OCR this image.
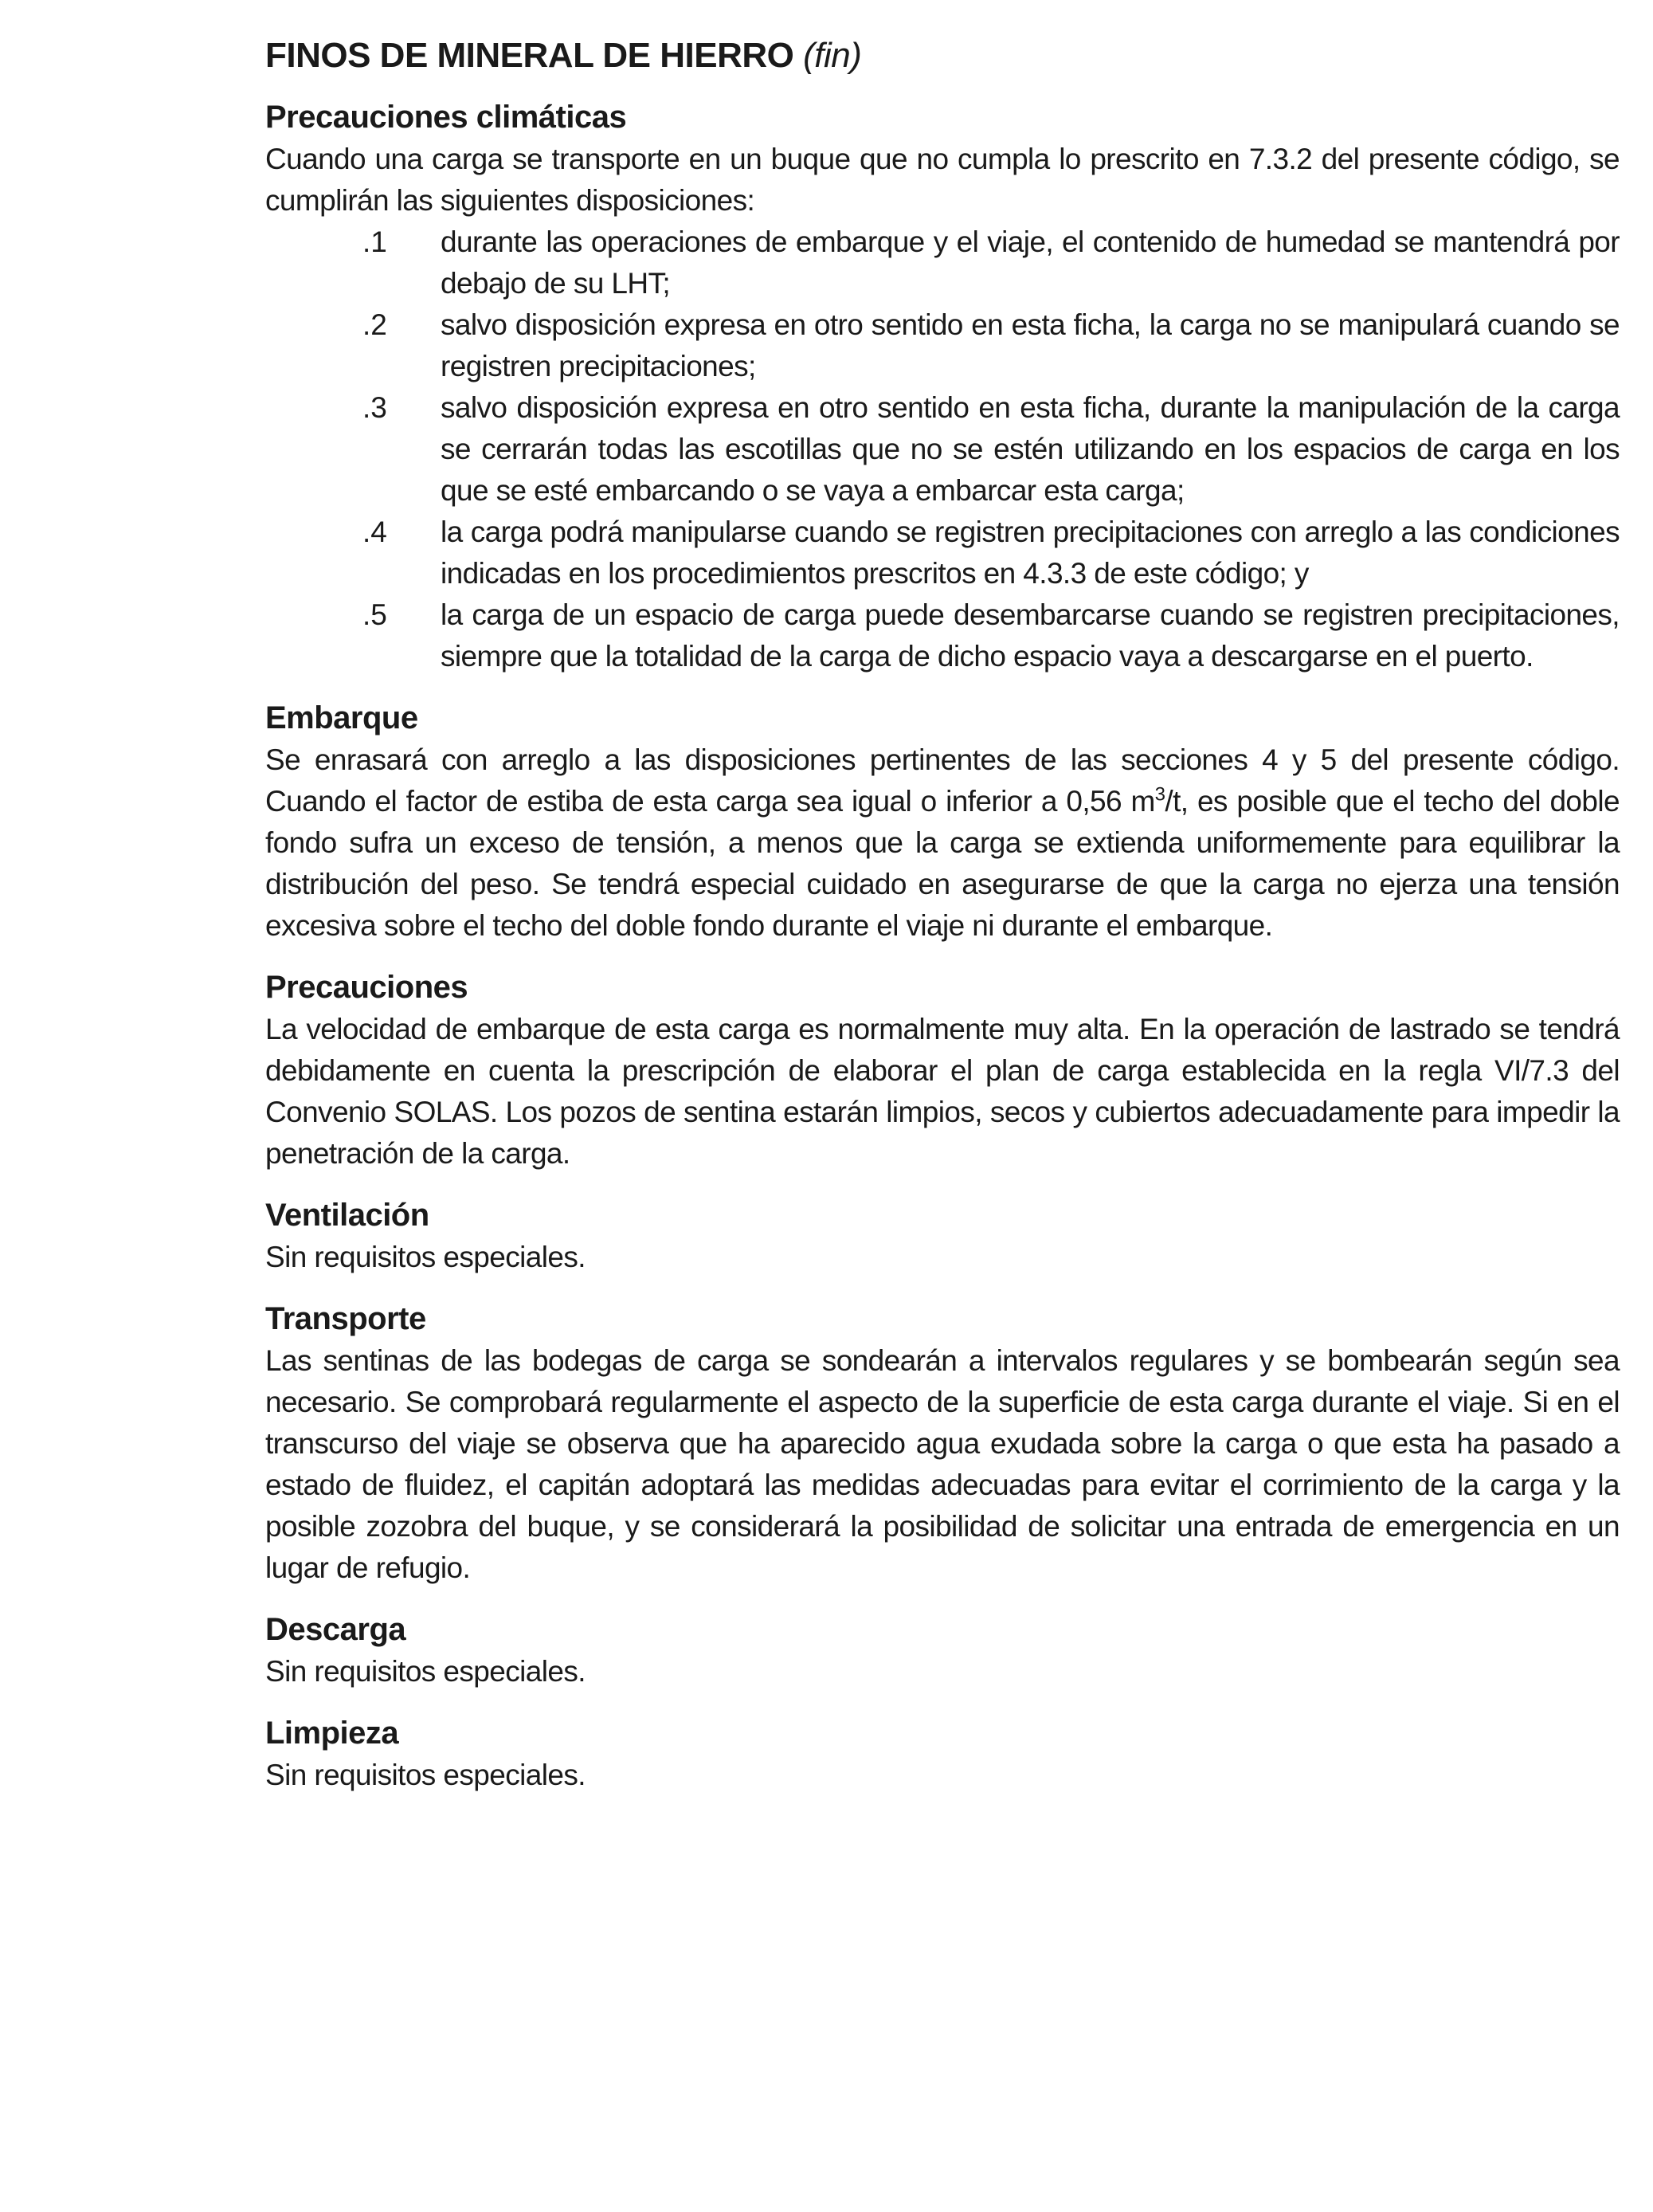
FINOS DE MINERAL DE HIERRO (fin)
Precauciones climáticas

Cuando una carga se transporte en un buque que no cumpla lo prescrito en 7.3.2 del presente código, se cumplirán las siguientes disposiciones:

.1	durante las operaciones de embarque y el viaje, el contenido de humedad se mantendrá por debajo de su LHT;
.2	salvo disposición expresa en otro sentido en esta ficha, la carga no se manipulará cuando se registren precipitaciones;
.3	salvo disposición expresa en otro sentido en esta ficha, durante la manipulación de la carga se cerrarán todas las escotillas que no se estén utilizando en los espacios de carga en los que se esté embarcando o se vaya a embarcar esta carga;
.4	la carga podrá manipularse cuando se registren precipitaciones con arreglo a las condiciones indicadas en los procedimientos prescritos en 4.3.3 de este código; y
.5	la carga de un espacio de carga puede desembarcarse cuando se registren precipitaciones, siempre que la totalidad de la carga de dicho espacio vaya a descargarse en el puerto.
Embarque

Se enrasará con arreglo a las disposiciones pertinentes de las secciones 4 y 5 del presente código. Cuando el factor de estiba de esta carga sea igual o inferior a 0,56 $m^3/t$, es posible que el techo del doble fondo sufra un exceso de tensión, a menos que la carga se extienda uniformemente para equilibrar la distribución del peso. Se tendrá especial cuidado en asegurarse de que la carga no ejerza una tensión excesiva sobre el techo del doble fondo durante el viaje ni durante el embarque.

Precauciones

La velocidad de embarque de esta carga es normalmente muy alta. En la operación de lastrado se tendrá debidamente en cuenta la prescripción de elaborar el plan de carga establecida en la regla VI/7.3 del Convenio SOLAS. Los pozos de sentina estarán limpios, secos y cubiertos adecuadamente para impedir la penetración de la carga.

Ventilación

Sin requisitos especiales.

Transporte

Las sentinas de las bodegas de carga se sondearán a intervalos regulares y se bombearán según sea necesario. Se comprobará regularmente el aspecto de la superficie de esta carga durante el viaje. Si en el transcurso del viaje se observa que ha aparecido agua exudada sobre la carga o que esta ha pasado a estado de fluidez, el capitán adoptará las medidas adecuadas para evitar el corrimiento de la carga y la posible zozobra del buque, y se considerará la posibilidad de solicitar una entrada de emergencia en un lugar de refugio.

Descarga

Sin requisitos especiales.

Limpieza

Sin requisitos especiales.
